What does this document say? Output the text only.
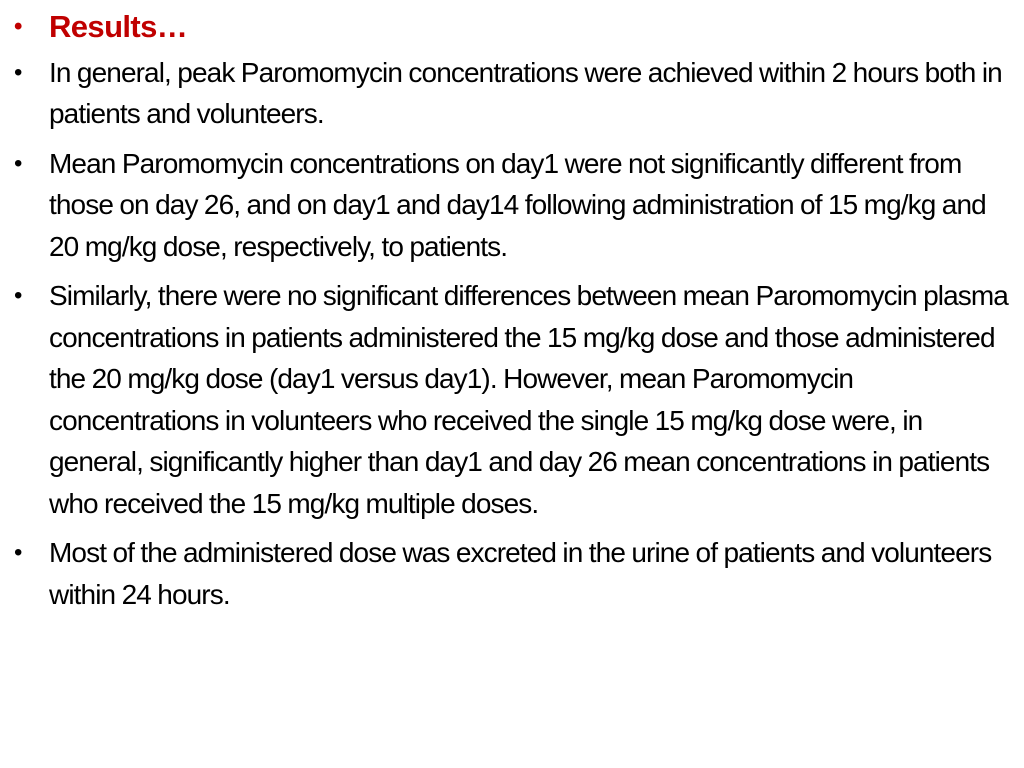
• Results…
• In general, peak Paromomycin concentrations were achieved within 2 hours both in patients and volunteers.
• Mean Paromomycin concentrations on day1 were not significantly different from those on day 26, and on day1 and day14 following administration of 15 mg/kg and 20 mg/kg dose, respectively, to patients.
• Similarly, there were no significant differences between mean Paromomycin plasma concentrations in patients administered the 15 mg/kg dose and those administered the 20 mg/kg dose (day1 versus day1). However, mean Paromomycin concentrations in volunteers who received the single 15 mg/kg dose were, in general, significantly higher than day1 and day 26 mean concentrations in patients who received the 15 mg/kg multiple doses.
• Most of the administered dose was excreted in the urine of patients and volunteers within 24 hours.
